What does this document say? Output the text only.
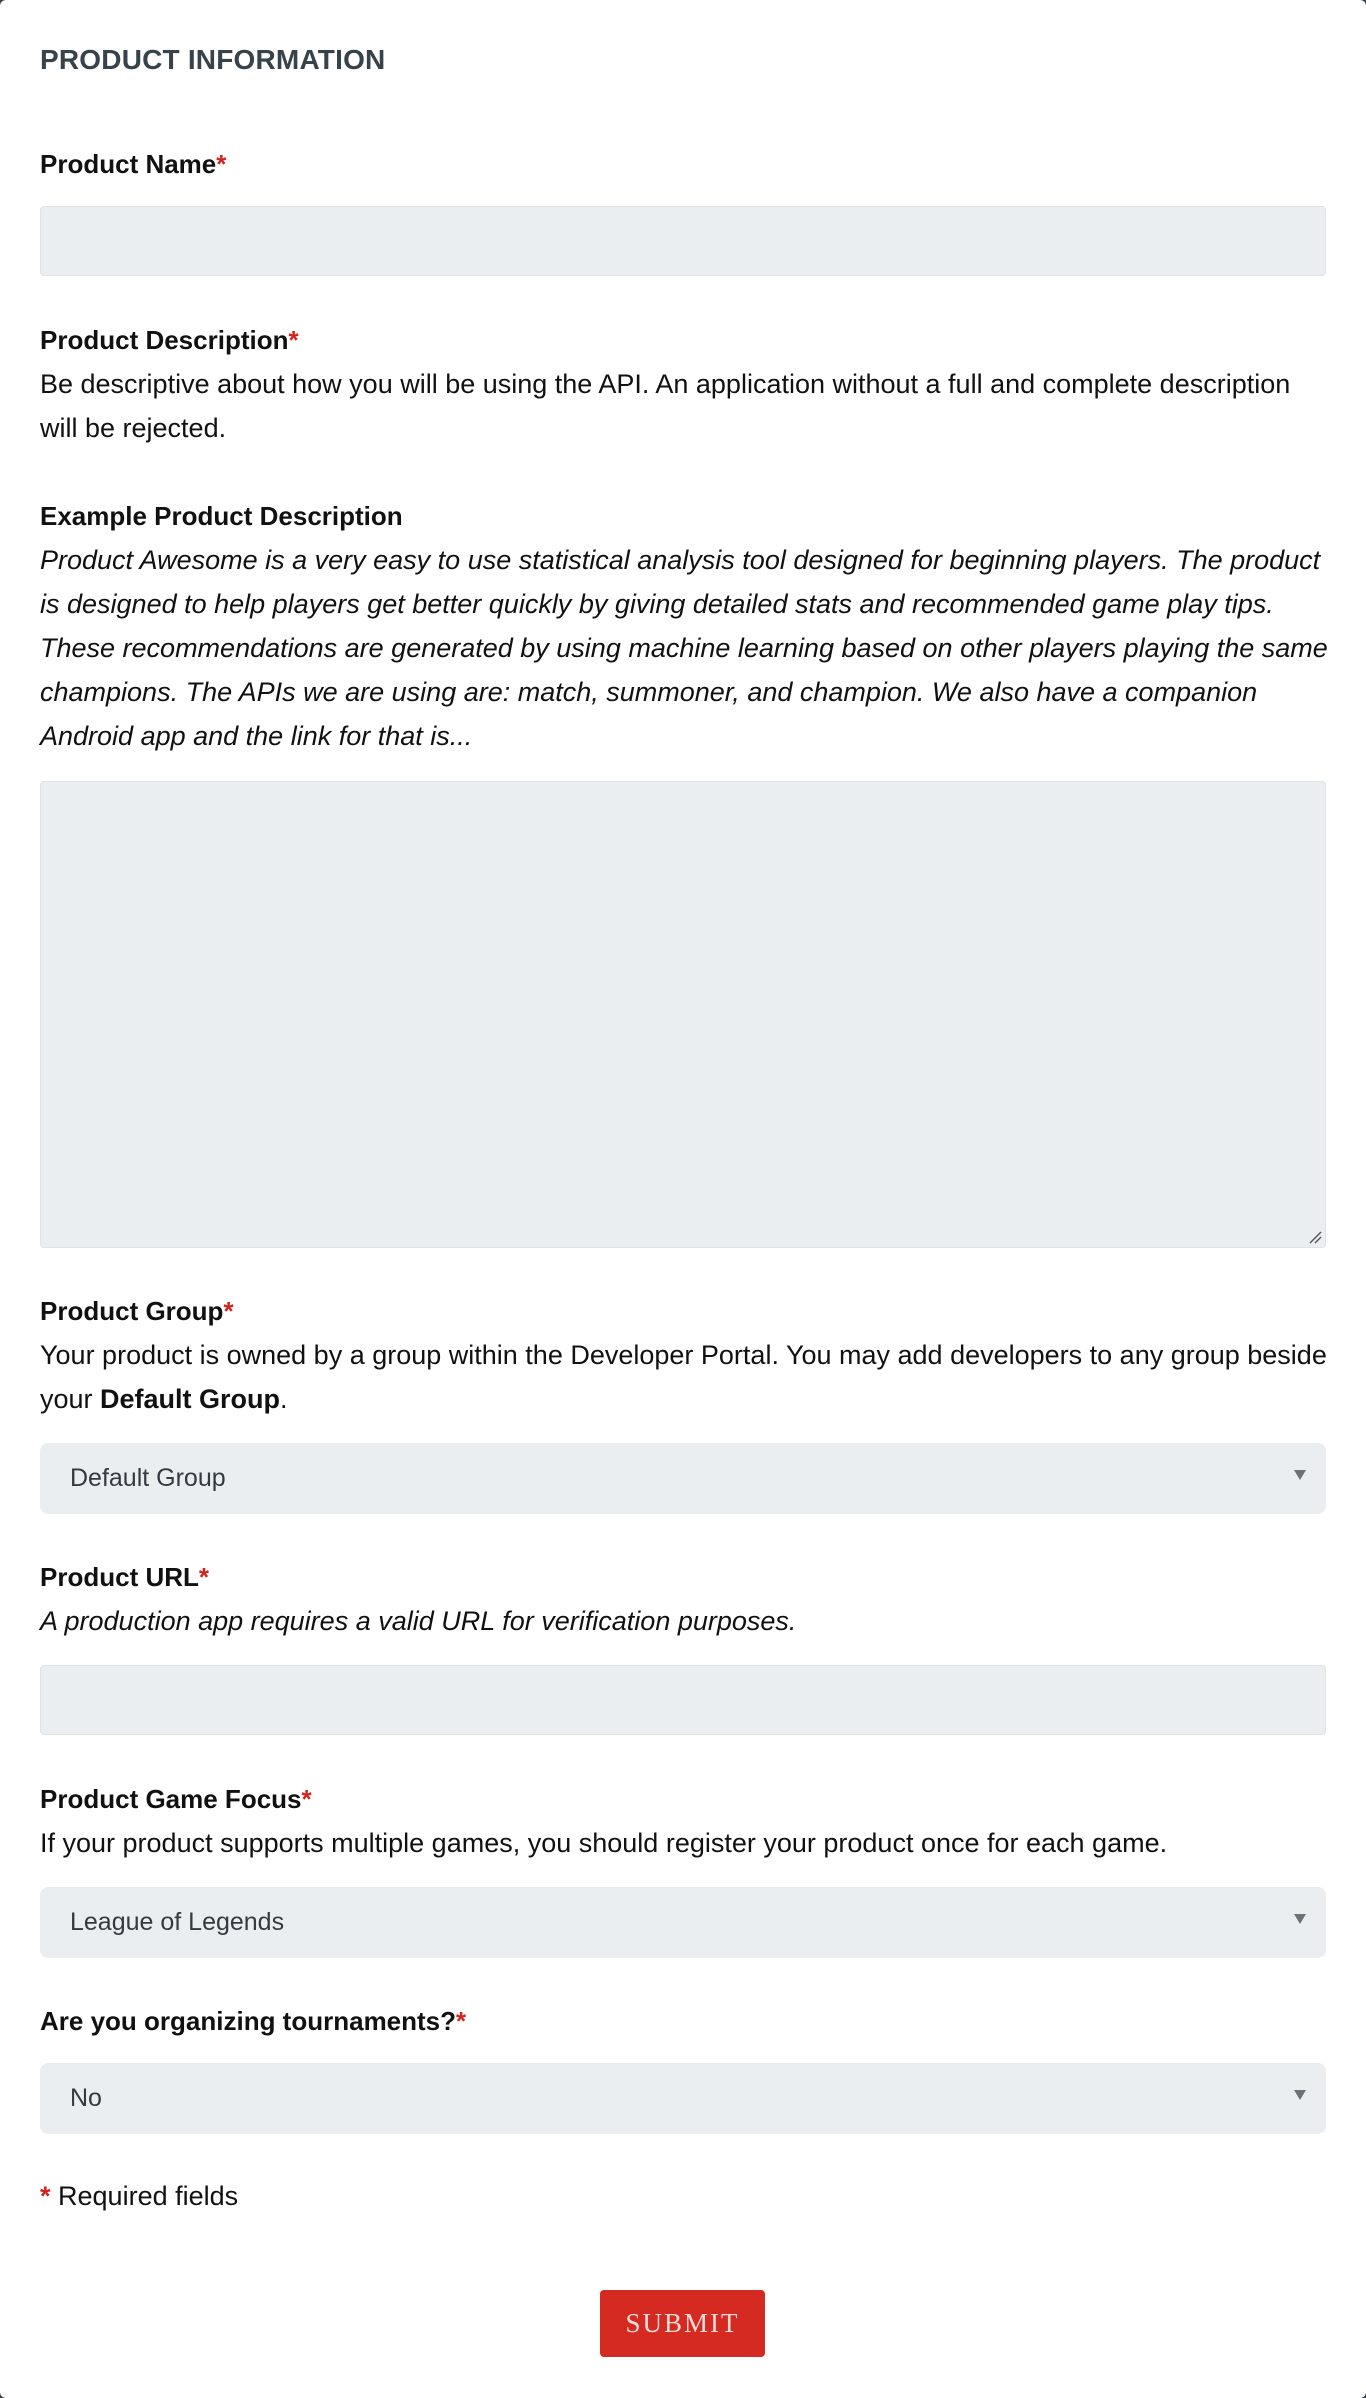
PRODUCT INFORMATION
Product Name*
Product Description*
Be descriptive about how you will be using the API. An application without a full and complete description will be rejected.
Example Product Description
Product Awesome is a very easy to use statistical analysis tool designed for beginning players. The product is designed to help players get better quickly by giving detailed stats and recommended game play tips. These recommendations are generated by using machine learning based on other players playing the same champions. The APIs we are using are: match, summoner, and champion. We also have a companion Android app and the link for that is...
Product Group*
Your product is owned by a group within the Developer Portal. You may add developers to any group beside your Default Group.
Default Group
Product URL*
A production app requires a valid URL for verification purposes.
Product Game Focus*
If your product supports multiple games, you should register your product once for each game.
League of Legends
Are you organizing tournaments?*
No
* Required fields
SUBMIT
